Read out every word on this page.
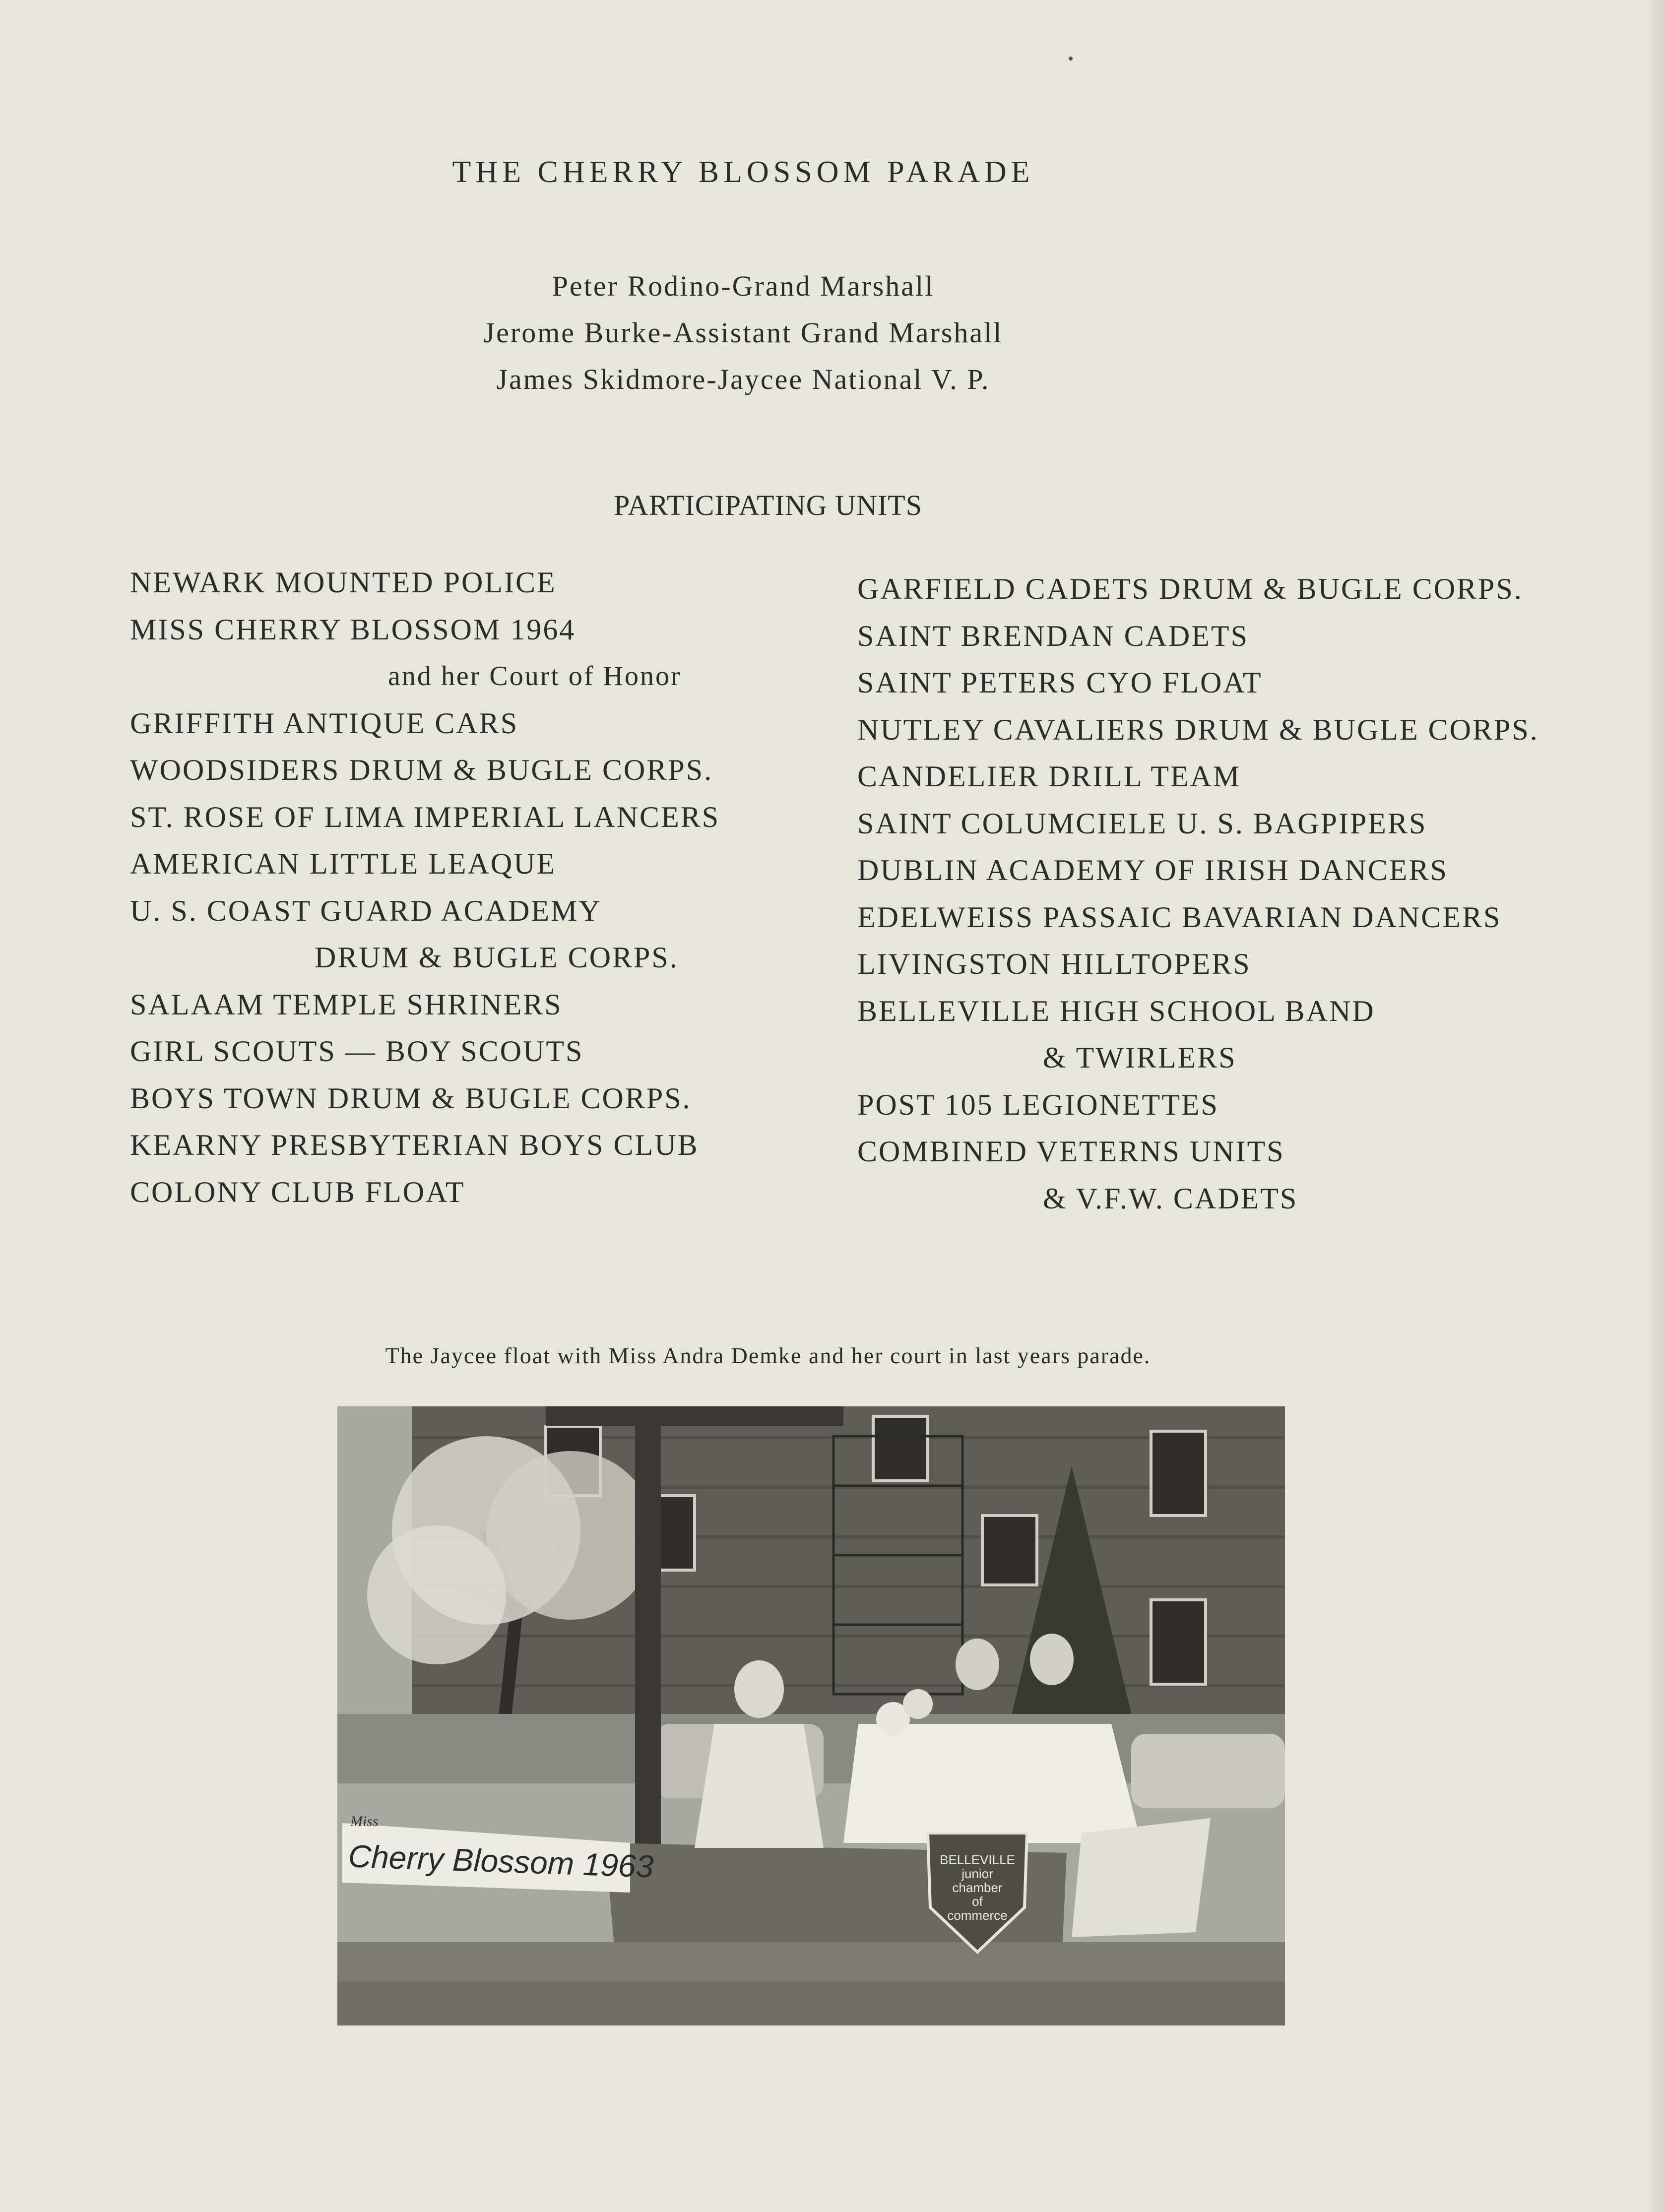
THE CHERRY BLOSSOM PARADE
Peter Rodino-Grand Marshall
Jerome Burke-Assistant Grand Marshall
James Skidmore-Jaycee National V. P.
PARTICIPATING UNITS
NEWARK MOUNTED POLICE
MISS CHERRY BLOSSOM 1964
and her Court of Honor
GRIFFITH ANTIQUE CARS
WOODSIDERS DRUM & BUGLE CORPS.
ST. ROSE OF LIMA IMPERIAL LANCERS
AMERICAN LITTLE LEAQUE
U. S. COAST GUARD ACADEMY
DRUM & BUGLE CORPS.
SALAAM TEMPLE SHRINERS
GIRL SCOUTS — BOY SCOUTS
BOYS TOWN DRUM & BUGLE CORPS.
KEARNY PRESBYTERIAN BOYS CLUB
COLONY CLUB FLOAT
GARFIELD CADETS DRUM & BUGLE CORPS.
SAINT BRENDAN CADETS
SAINT PETERS CYO FLOAT
NUTLEY CAVALIERS DRUM & BUGLE CORPS.
CANDELIER DRILL TEAM
SAINT COLUMCIELE U. S. BAGPIPERS
DUBLIN ACADEMY OF IRISH DANCERS
EDELWEISS PASSAIC BAVARIAN DANCERS
LIVINGSTON HILLTOPERS
BELLEVILLE HIGH SCHOOL BAND
& TWIRLERS
POST 105 LEGIONETTES
COMBINED VETERNS UNITS
& V.F.W. CADETS
The Jaycee float with Miss Andra Demke and her court in last years parade.
Miss
Cherry Blossom 1963	BELLEVILLE
junior
chamber
of
commerce
